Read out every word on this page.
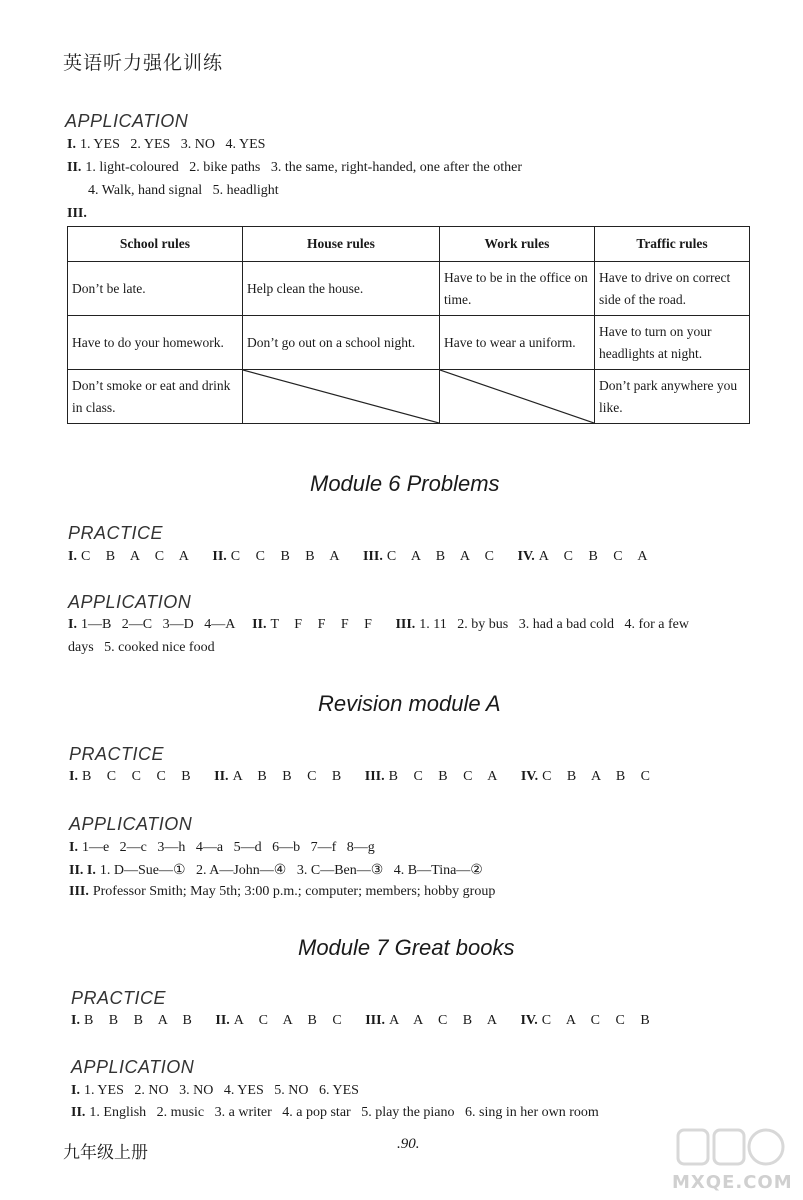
英语听力强化训练
APPLICATION
I. 1. YES   2. YES   3. NO   4. YES
II. 1. light-coloured   2. bike paths   3. the same, right-handed, one after the other
4. Walk, hand signal   5. headlight
III.
School rules	House rules	Work rules	Traffic rules
Don’t be late.	Help clean the house.	Have to be in the office on time.	Have to drive on correct side of the road.
Have to do your homework.	Don’t go out on a school night.	Have to wear a uniform.	Have to turn on your headlights at night.
Don’t smoke or eat and drink in class.			Don’t park anywhere you like.
Module 6 Problems
PRACTICE
I. C B A C A II. C C B B A III. C A B A C IV. A C B C A
APPLICATION
I. 1—B   2—C   3—D   4—A II. T F F F F III. 1. 11   2. by bus   3. had a bad cold   4. for a few
days   5. cooked nice food
Revision module A
PRACTICE
I. B C C C B II. A B B C B III. B C B C A IV. C B A B C
APPLICATION
I. 1—e   2—c   3—h   4—a   5—d   6—b   7—f   8—g
II. I. 1. D—Sue—①   2. A—John—④   3. C—Ben—③   4. B—Tina—②
III. Professor Smith; May 5th; 3:00 p.m.; computer; members; hobby group
Module 7 Great books
PRACTICE
I. B B B A B II. A C A B C III. A A C B A IV. C A C C B
APPLICATION
I. 1. YES   2. NO   3. NO   4. YES   5. NO   6. YES
II. 1. English   2. music   3. a writer   4. a pop star   5. play the piano   6. sing in her own room
九年级上册	.90.
MXQE.COM
